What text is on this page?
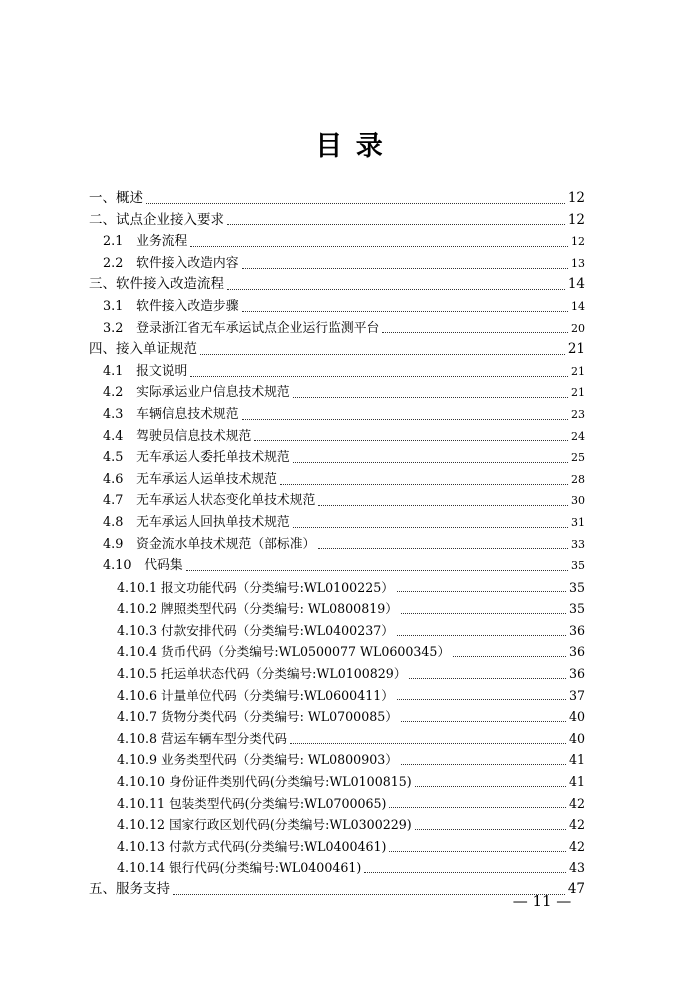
目 录
一、概述	12
二、试点企业接入要求	12
2.1　业务流程	12
2.2　软件接入改造内容	13
三、软件接入改造流程	14
3.1　软件接入改造步骤	14
3.2　登录浙江省无车承运试点企业运行监测平台	20
四、接入单证规范	21
4.1　报文说明	21
4.2　实际承运业户信息技术规范	21
4.3　车辆信息技术规范	23
4.4　驾驶员信息技术规范	24
4.5　无车承运人委托单技术规范	25
4.6　无车承运人运单技术规范	28
4.7　无车承运人状态变化单技术规范	30
4.8　无车承运人回执单技术规范	31
4.9　资金流水单技术规范（部标准）	33
4.10　代码集	35
4.10.1 报文功能代码（分类编号:WL0100225）	35
4.10.2 牌照类型代码（分类编号: WL0800819）	35
4.10.3 付款安排代码（分类编号:WL0400237）	36
4.10.4 货币代码（分类编号:WL0500077 WL0600345）	36
4.10.5 托运单状态代码（分类编号:WL0100829）	36
4.10.6 计量单位代码（分类编号:WL0600411）	37
4.10.7 货物分类代码（分类编号: WL0700085）	40
4.10.8 营运车辆车型分类代码	40
4.10.9 业务类型代码（分类编号: WL0800903）	41
4.10.10 身份证件类别代码(分类编号:WL0100815)	41
4.10.11 包装类型代码(分类编号:WL0700065)	42
4.10.12 国家行政区划代码(分类编号:WL0300229)	42
4.10.13 付款方式代码(分类编号:WL0400461)	42
4.10.14 银行代码(分类编号:WL0400461)	43
五、服务支持	47
— 11 —
